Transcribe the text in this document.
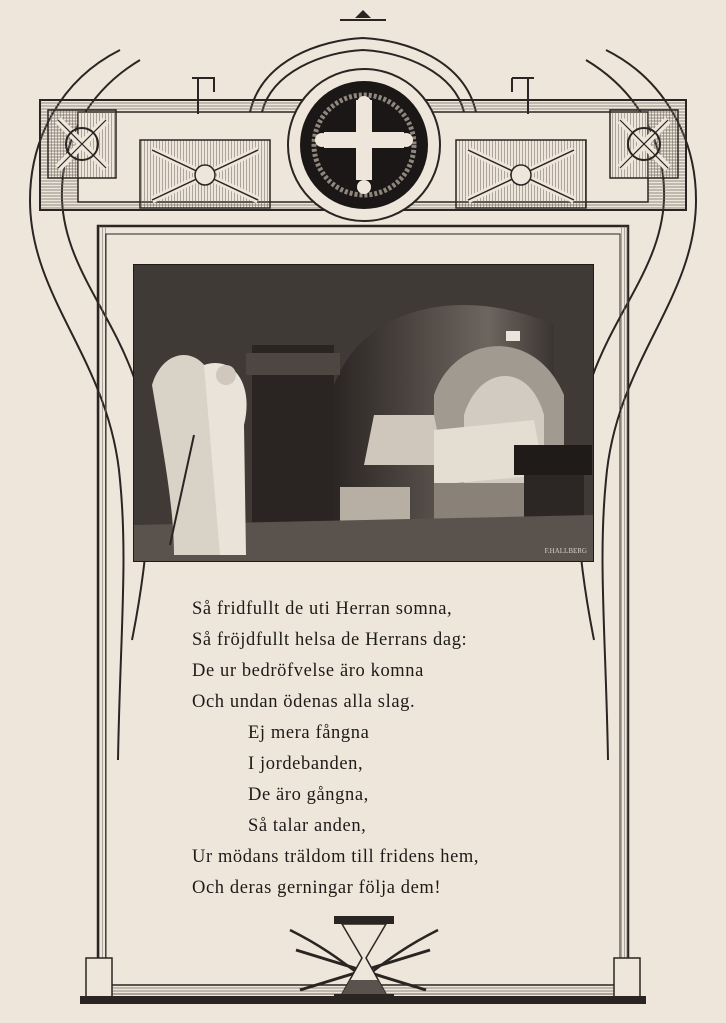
F.HALLBERG
Så fridfullt de uti Herran somna,
Så fröjdfullt helsa de Herrans dag:
De ur bedröfvelse äro komna
Och undan ödenas alla slag.
Ej mera fångna
I jordebanden,
De äro gångna,
Så talar anden,
Ur mödans träldom till fridens hem,
Och deras gerningar följa dem!
